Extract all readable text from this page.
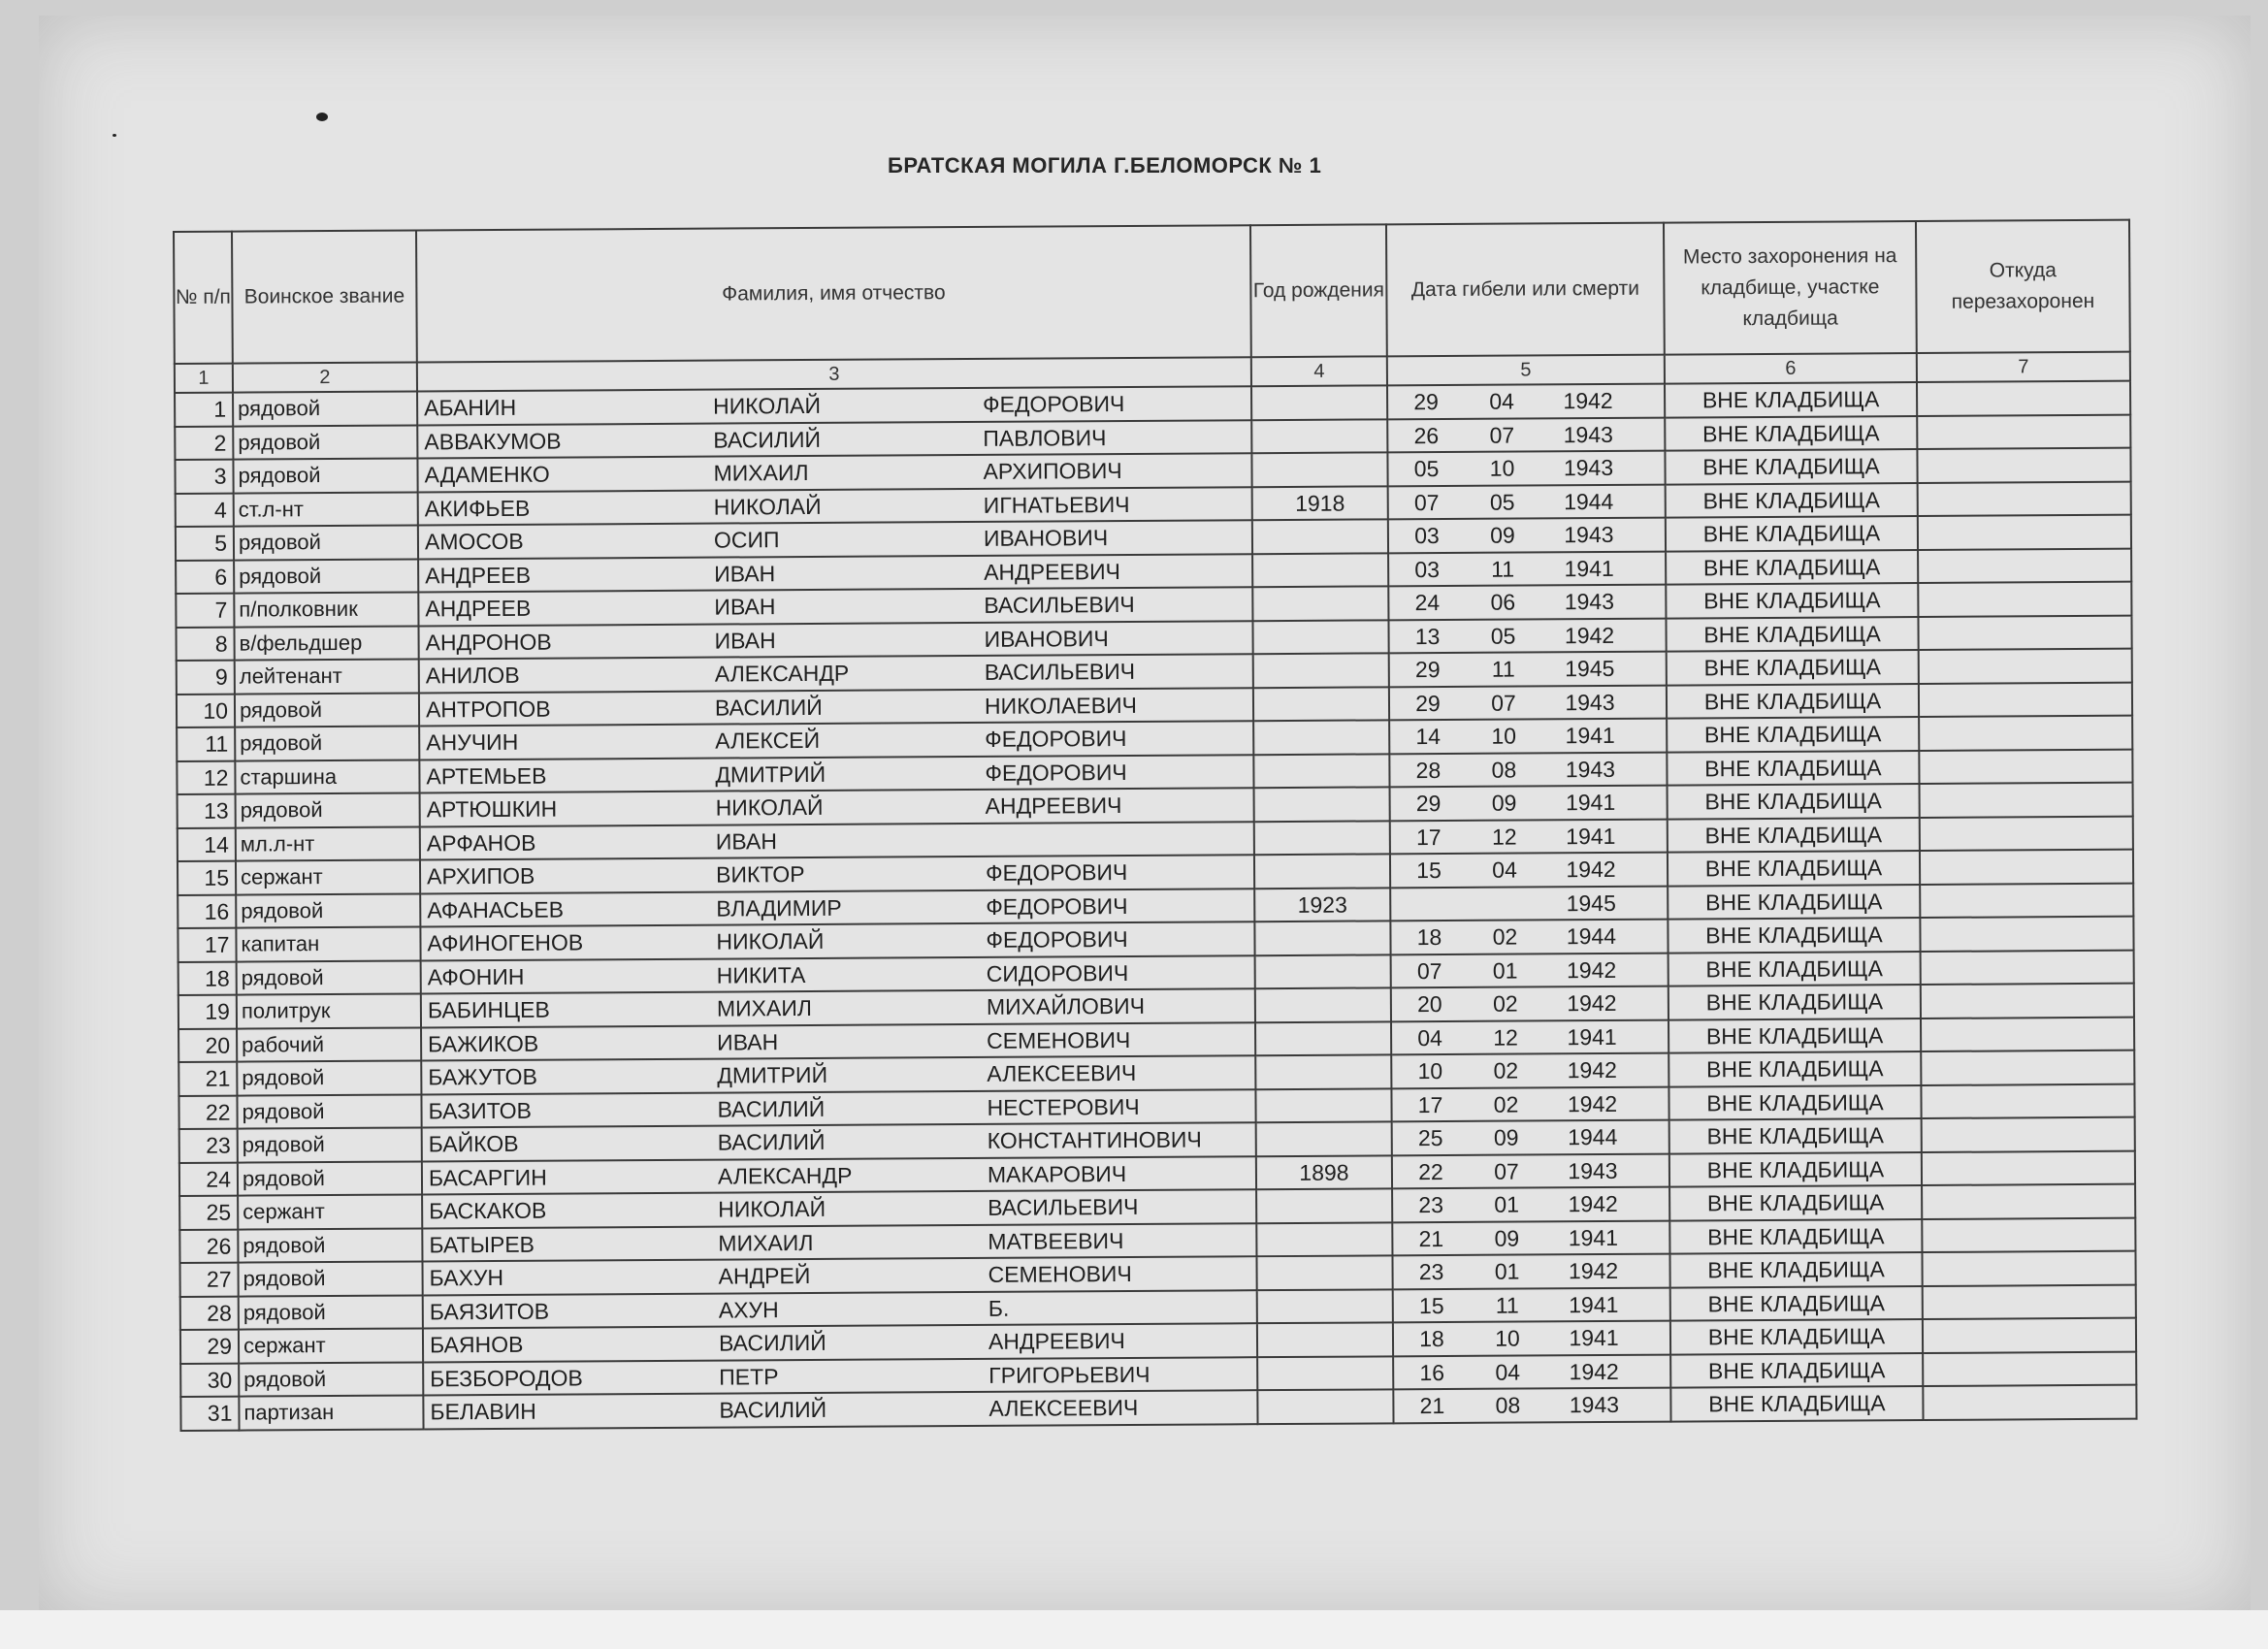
БРАТСКАЯ МОГИЛА Г.БЕЛОМОРСК № 1
№ п/п	Воинское звание	Фамилия, имя отчество	Год рождения	Дата гибели или смерти	Место захоронения на кладбище, участке кладбища	Откуда перезахоронен
1	2	3	4	5	6	7
1	рядовой	АБАНИН НИКОЛАЙ ФЕДОРОВИЧ		29 04 1942	ВНЕ КЛАДБИЩА	
2	рядовой	АВВАКУМОВ ВАСИЛИЙ ПАВЛОВИЧ		26 07 1943	ВНЕ КЛАДБИЩА	
3	рядовой	АДАМЕНКО МИХАИЛ АРХИПОВИЧ		05 10 1943	ВНЕ КЛАДБИЩА	
4	ст.л-нт	АКИФЬЕВ НИКОЛАЙ ИГНАТЬЕВИЧ	1918	07 05 1944	ВНЕ КЛАДБИЩА	
5	рядовой	АМОСОВ ОСИП ИВАНОВИЧ		03 09 1943	ВНЕ КЛАДБИЩА	
6	рядовой	АНДРЕЕВ ИВАН АНДРЕЕВИЧ		03 11 1941	ВНЕ КЛАДБИЩА	
7	п/полковник	АНДРЕЕВ ИВАН ВАСИЛЬЕВИЧ		24 06 1943	ВНЕ КЛАДБИЩА	
8	в/фельдшер	АНДРОНОВ ИВАН ИВАНОВИЧ		13 05 1942	ВНЕ КЛАДБИЩА	
9	лейтенант	АНИЛОВ АЛЕКСАНДР ВАСИЛЬЕВИЧ		29 11 1945	ВНЕ КЛАДБИЩА	
10	рядовой	АНТРОПОВ ВАСИЛИЙ НИКОЛАЕВИЧ		29 07 1943	ВНЕ КЛАДБИЩА	
11	рядовой	АНУЧИН АЛЕКСЕЙ ФЕДОРОВИЧ		14 10 1941	ВНЕ КЛАДБИЩА	
12	старшина	АРТЕМЬЕВ ДМИТРИЙ ФЕДОРОВИЧ		28 08 1943	ВНЕ КЛАДБИЩА	
13	рядовой	АРТЮШКИН НИКОЛАЙ АНДРЕЕВИЧ		29 09 1941	ВНЕ КЛАДБИЩА	
14	мл.л-нт	АРФАНОВ ИВАН		17 12 1941	ВНЕ КЛАДБИЩА	
15	сержант	АРХИПОВ ВИКТОР ФЕДОРОВИЧ		15 04 1942	ВНЕ КЛАДБИЩА	
16	рядовой	АФАНАСЬЕВ ВЛАДИМИР ФЕДОРОВИЧ	1923	1945	ВНЕ КЛАДБИЩА	
17	капитан	АФИНОГЕНОВ НИКОЛАЙ ФЕДОРОВИЧ		18 02 1944	ВНЕ КЛАДБИЩА	
18	рядовой	АФОНИН НИКИТА СИДОРОВИЧ		07 01 1942	ВНЕ КЛАДБИЩА	
19	политрук	БАБИНЦЕВ МИХАИЛ МИХАЙЛОВИЧ		20 02 1942	ВНЕ КЛАДБИЩА	
20	рабочий	БАЖИКОВ ИВАН СЕМЕНОВИЧ		04 12 1941	ВНЕ КЛАДБИЩА	
21	рядовой	БАЖУТОВ ДМИТРИЙ АЛЕКСЕЕВИЧ		10 02 1942	ВНЕ КЛАДБИЩА	
22	рядовой	БАЗИТОВ ВАСИЛИЙ НЕСТЕРОВИЧ		17 02 1942	ВНЕ КЛАДБИЩА	
23	рядовой	БАЙКОВ ВАСИЛИЙ КОНСТАНТИНОВИЧ		25 09 1944	ВНЕ КЛАДБИЩА	
24	рядовой	БАСАРГИН АЛЕКСАНДР МАКАРОВИЧ	1898	22 07 1943	ВНЕ КЛАДБИЩА	
25	сержант	БАСКАКОВ НИКОЛАЙ ВАСИЛЬЕВИЧ		23 01 1942	ВНЕ КЛАДБИЩА	
26	рядовой	БАТЫРЕВ МИХАИЛ МАТВЕЕВИЧ		21 09 1941	ВНЕ КЛАДБИЩА	
27	рядовой	БАХУН АНДРЕЙ СЕМЕНОВИЧ		23 01 1942	ВНЕ КЛАДБИЩА	
28	рядовой	БАЯЗИТОВ АХУН Б.		15 11 1941	ВНЕ КЛАДБИЩА	
29	сержант	БАЯНОВ ВАСИЛИЙ АНДРЕЕВИЧ		18 10 1941	ВНЕ КЛАДБИЩА	
30	рядовой	БЕЗБОРОДОВ ПЕТР ГРИГОРЬЕВИЧ		16 04 1942	ВНЕ КЛАДБИЩА	
31	партизан	БЕЛАВИН ВАСИЛИЙ АЛЕКСЕЕВИЧ		21 08 1943	ВНЕ КЛАДБИЩА	
